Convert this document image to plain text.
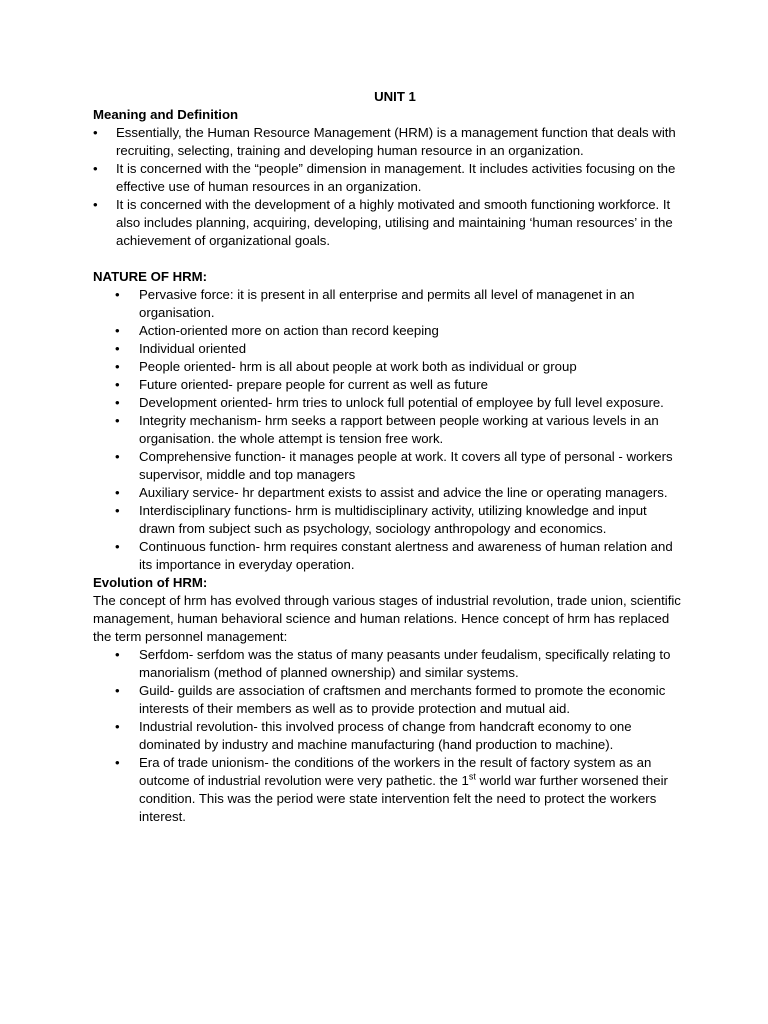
UNIT 1

Meaning and Definition
• Essentially, the Human Resource Management (HRM) is a management function that deals with recruiting, selecting, training and developing human resource in an organization.
• It is concerned with the “people” dimension in management. It includes activities focusing on the effective use of human resources in an organization.
• It is concerned with the development of a highly motivated and smooth functioning workforce. It also includes planning, acquiring, developing, utilising and maintaining ‘human resources’ in the achievement of organizational goals.
NATURE OF HRM:
• Pervasive force: it is present in all enterprise and permits all level of managenet in an organisation.
• Action-oriented more on action than record keeping
• Individual oriented
• People oriented- hrm is all about people at work both as individual or group
• Future oriented- prepare people for current as well as future
• Development oriented- hrm tries to unlock full potential of employee by full level exposure.
• Integrity mechanism- hrm seeks a rapport between people working at various levels in an organisation. the whole attempt is tension free work.
• Comprehensive function- it manages people at work. It covers all type of personal - workers supervisor, middle and top managers
• Auxiliary service- hr department exists to assist and advice the line or operating managers.
• Interdisciplinary functions- hrm is multidisciplinary activity, utilizing knowledge and input drawn from subject such as psychology, sociology anthropology and economics.
• Continuous function- hrm requires constant alertness and awareness of human relation and its importance in everyday operation.
Evolution of HRM:

The concept of hrm has evolved through various stages of industrial revolution, trade union, scientific management, human behavioral science and human relations. Hence concept of hrm has replaced the term personnel management:

• Serfdom- serfdom was the status of many peasants under feudalism, specifically relating to manorialism (method of planned ownership) and similar systems.
• Guild- guilds are association of craftsmen and merchants formed to promote the economic interests of their members as well as to provide protection and mutual aid.
• Industrial revolution- this involved process of change from handcraft economy to one dominated by industry and machine manufacturing (hand production to machine).
• Era of trade unionism- the conditions of the workers in the result of factory system as an outcome of industrial revolution were very pathetic. the 1st world war further worsened their condition. This was the period were state intervention felt the need to protect the workers interest.
